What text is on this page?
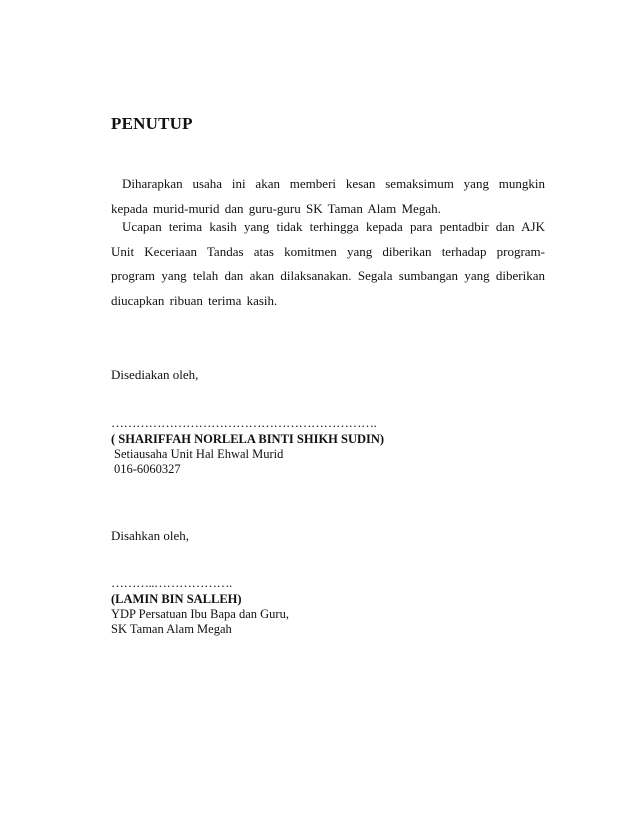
PENUTUP
Diharapkan usaha ini akan memberi kesan semaksimum yang mungkin kepada murid-murid dan guru-guru SK Taman Alam Megah.
Ucapan terima kasih yang tidak terhingga kepada para pentadbir dan AJK Unit Keceriaan Tandas atas komitmen yang diberikan terhadap program-program yang telah dan akan dilaksanakan. Segala sumbangan yang diberikan diucapkan ribuan terima kasih.
Disediakan oleh,
……………………………………………………….
( SHARIFFAH NORLELA BINTI SHIKH SUDIN)
Setiausaha Unit Hal Ehwal Murid
016-6060327
Disahkan oleh,
………..……………….
(LAMIN BIN SALLEH)
YDP Persatuan Ibu Bapa dan Guru,
SK Taman Alam Megah
